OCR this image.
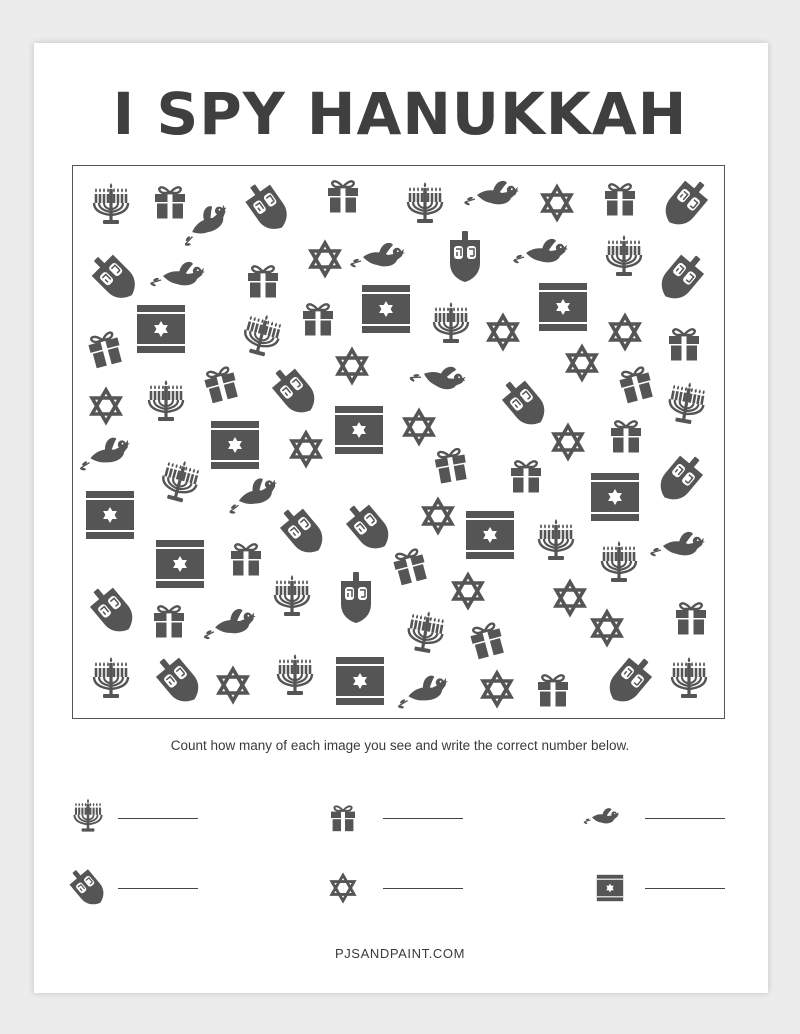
I SPY HANUKKAH
Count how many of each image you see and write the correct number below.
PJSANDPAINT.COM
